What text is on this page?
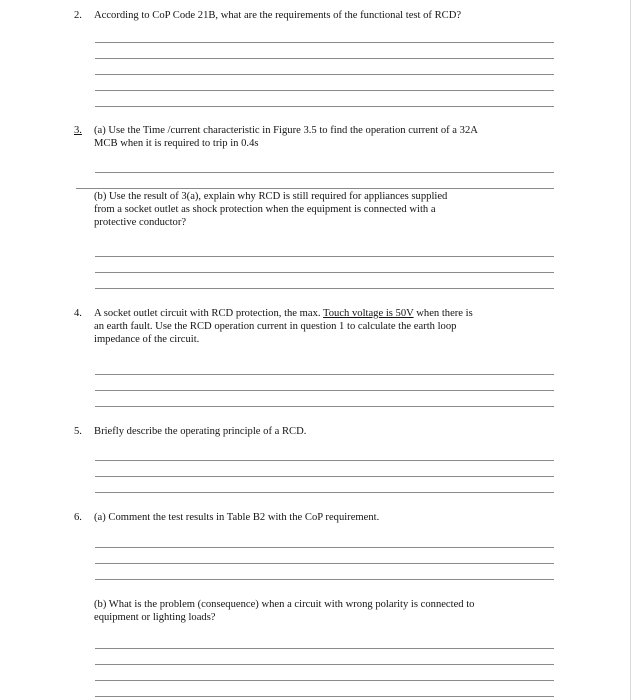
2. According to CoP Code 21B, what are the requirements of the functional test of RCD?
3. (a) Use the Time /current characteristic in Figure 3.5 to find the operation current of a 32A
MCB when it is required to trip in 0.4s
(b) Use the result of 3(a), explain why RCD is still required for appliances supplied
from a socket outlet as shock protection when the equipment is connected with a
protective conductor?
4. A socket outlet circuit with RCD protection, the max. Touch voltage is 50V when there is
an earth fault. Use the RCD operation current in question 1 to calculate the earth loop
impedance of the circuit.
5. Briefly describe the operating principle of a RCD.
6. (a) Comment the test results in Table B2 with the CoP requirement.
(b) What is the problem (consequence) when a circuit with wrong polarity is connected to
equipment or lighting loads?
